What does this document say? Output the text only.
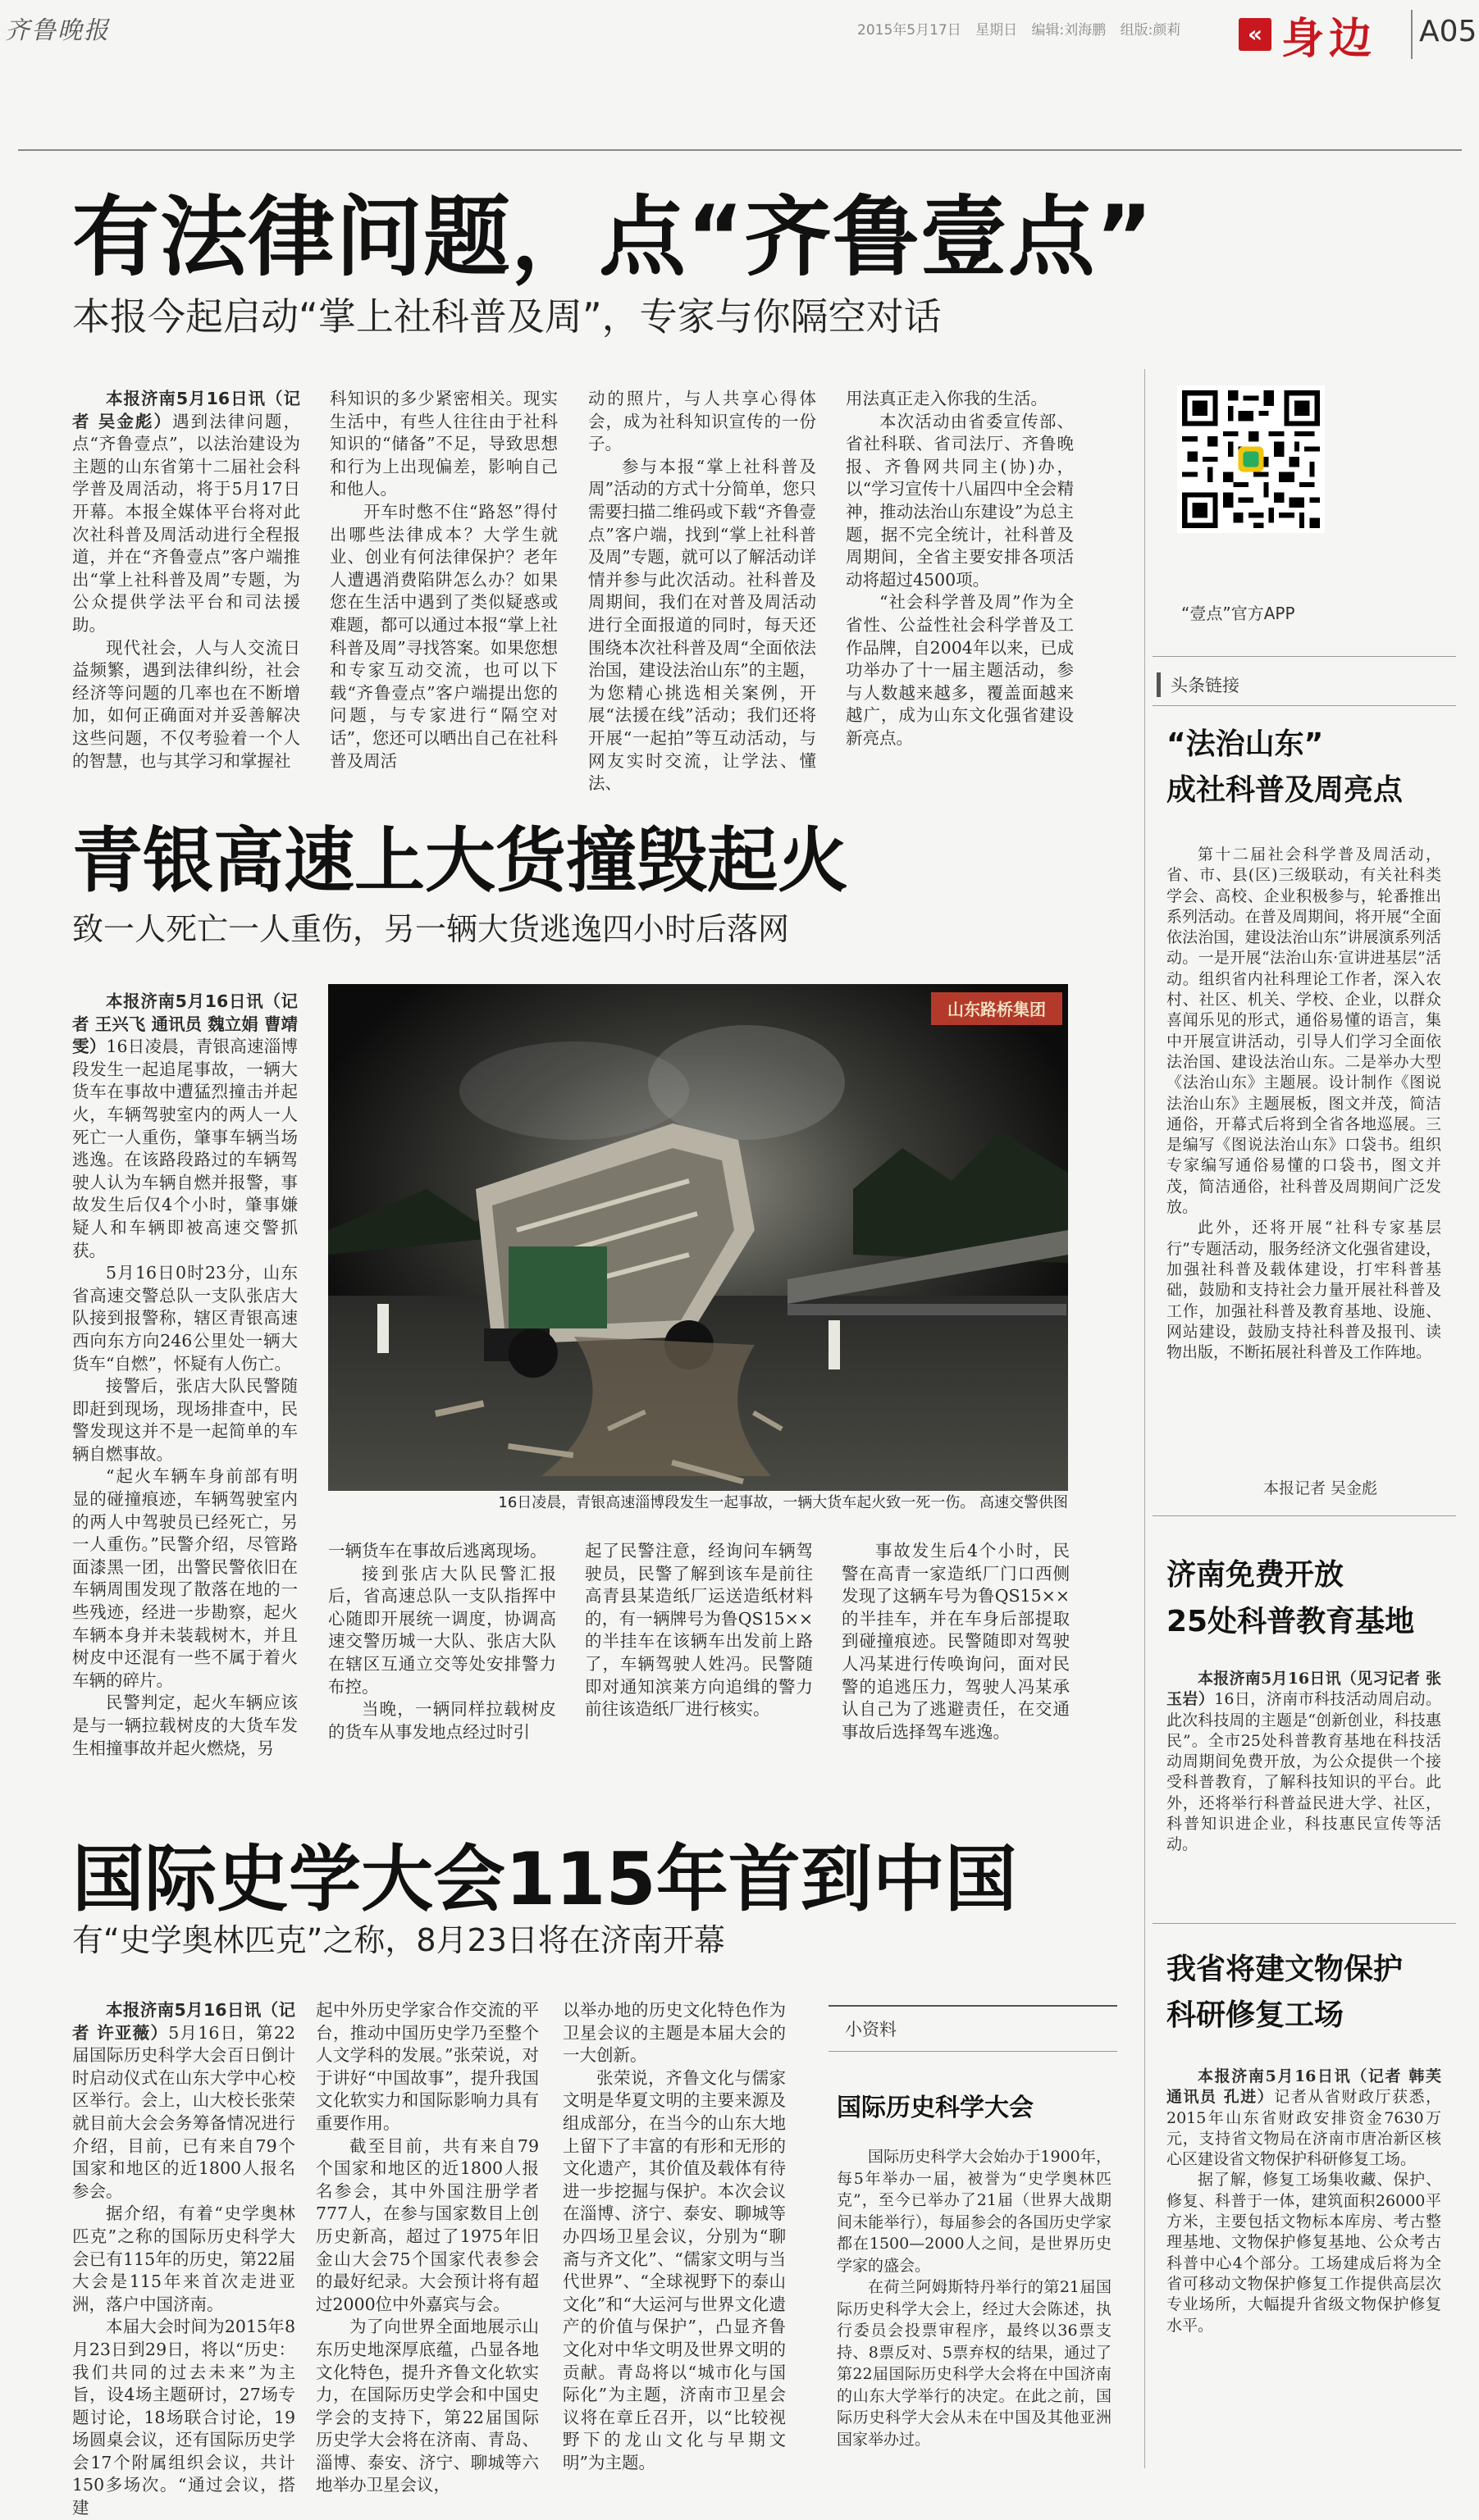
齐鲁晚报	2015年5月17日 星期日 编辑:刘海鹏 组版:颜莉	« 身边 A05
有法律问题，点“齐鲁壹点”
本报今起启动“掌上社科普及周”，专家与你隔空对话

本报济南5月16日讯（记者 吴金彪）遇到法律问题，点“齐鲁壹点”，以法治建设为主题的山东省第十二届社会科学普及周活动，将于5月17日开幕。本报全媒体平台将对此次社科普及周活动进行全程报道，并在“齐鲁壹点”客户端推出“掌上社科普及周”专题，为公众提供学法平台和司法援助。

现代社会，人与人交流日益频繁，遇到法律纠纷，社会经济等问题的几率也在不断增加，如何正确面对并妥善解决这些问题，不仅考验着一个人的智慧，也与其学习和掌握社

科知识的多少紧密相关。现实生活中，有些人往往由于社科知识的“储备”不足，导致思想和行为上出现偏差，影响自己和他人。

开车时憋不住“路怒”得付出哪些法律成本？大学生就业、创业有何法律保护？老年人遭遇消费陷阱怎么办？如果您在生活中遇到了类似疑惑或难题，都可以通过本报“掌上社科普及周”寻找答案。如果您想和专家互动交流，也可以下载“齐鲁壹点”客户端提出您的问题，与专家进行“隔空对话”，您还可以晒出自己在社科普及周活

动的照片，与人共享心得体会，成为社科知识宣传的一份子。

参与本报“掌上社科普及周”活动的方式十分简单，您只需要扫描二维码或下载“齐鲁壹点”客户端，找到“掌上社科普及周”专题，就可以了解活动详情并参与此次活动。社科普及周期间，我们在对普及周活动进行全面报道的同时，每天还围绕本次社科普及周“全面依法治国，建设法治山东”的主题，为您精心挑选相关案例，开展“法援在线”活动；我们还将开展“一起拍”等互动活动，与网友实时交流，让学法、懂法、

用法真正走入你我的生活。

本次活动由省委宣传部、省社科联、省司法厅、齐鲁晚报、齐鲁网共同主(协)办，以“学习宣传十八届四中全会精神，推动法治山东建设”为总主题，据不完全统计，社科普及周期间，全省主要安排各项活动将超过4500项。

“社会科学普及周”作为全省性、公益性社会科学普及工作品牌，自2004年以来，已成功举办了十一届主题活动，参与人数越来越多，覆盖面越来越广，成为山东文化强省建设新亮点。

青银高速上大货撞毁起火
致一人死亡一人重伤，另一辆大货逃逸四小时后落网

本报济南5月16日讯（记者 王兴飞 通讯员 魏立娟 曹靖雯）16日凌晨，青银高速淄博段发生一起追尾事故，一辆大货车在事故中遭猛烈撞击并起火，车辆驾驶室内的两人一人死亡一人重伤，肇事车辆当场逃逸。在该路段路过的车辆驾驶人认为车辆自燃并报警，事故发生后仅4个小时，肇事嫌疑人和车辆即被高速交警抓获。

5月16日0时23分，山东省高速交警总队一支队张店大队接到报警称，辖区青银高速西向东方向246公里处一辆大货车“自燃”，怀疑有人伤亡。

接警后，张店大队民警随即赶到现场，现场排查中，民警发现这并不是一起简单的车辆自燃事故。

“起火车辆车身前部有明显的碰撞痕迹，车辆驾驶室内的两人中驾驶员已经死亡，另一人重伤。”民警介绍，尽管路面漆黑一团，出警民警依旧在车辆周围发现了散落在地的一些残迹，经进一步勘察，起火车辆本身并未装载树木，并且树皮中还混有一些不属于着火车辆的碎片。

民警判定，起火车辆应该是与一辆拉载树皮的大货车发生相撞事故并起火燃烧，另

山东路桥集团
16日凌晨，青银高速淄博段发生一起事故，一辆大货车起火致一死一伤。 高速交警供图

一辆货车在事故后逃离现场。

接到张店大队民警汇报后，省高速总队一支队指挥中心随即开展统一调度，协调高速交警历城一大队、张店大队在辖区互通立交等处安排警力布控。

当晚，一辆同样拉载树皮的货车从事发地点经过时引

起了民警注意，经询问车辆驾驶员，民警了解到该车是前往高青县某造纸厂运送造纸材料的，有一辆牌号为鲁QS15××的半挂车在该辆车出发前上路了，车辆驾驶人姓冯。民警随即对通知滨莱方向追缉的警力前往该造纸厂进行核实。

事故发生后4个小时，民警在高青一家造纸厂门口西侧发现了这辆车号为鲁QS15××的半挂车，并在车身后部提取到碰撞痕迹。民警随即对驾驶人冯某进行传唤询问，面对民警的追逃压力，驾驶人冯某承认自己为了逃避责任，在交通事故后选择驾车逃逸。

国际史学大会115年首到中国
有“史学奥林匹克”之称，8月23日将在济南开幕

本报济南5月16日讯（记者 许亚薇）5月16日，第22届国际历史科学大会百日倒计时启动仪式在山东大学中心校区举行。会上，山大校长张荣就目前大会会务筹备情况进行介绍，目前，已有来自79个国家和地区的近1800人报名参会。

据介绍，有着“史学奥林匹克”之称的国际历史科学大会已有115年的历史，第22届大会是115年来首次走进亚洲，落户中国济南。

本届大会时间为2015年8月23日到29日，将以“历史：我们共同的过去未来”为主旨，设4场主题研讨，27场专题讨论，18场联合讨论，19场圆桌会议，还有国际历史学会17个附属组织会议，共计150多场次。“通过会议，搭建

起中外历史学家合作交流的平台，推动中国历史学乃至整个人文学科的发展。”张荣说，对于讲好“中国故事”，提升我国文化软实力和国际影响力具有重要作用。

截至目前，共有来自79个国家和地区的近1800人报名参会，其中外国注册学者777人，在参与国家数目上创历史新高，超过了1975年旧金山大会75个国家代表参会的最好纪录。大会预计将有超过2000位中外嘉宾与会。

为了向世界全面地展示山东历史地深厚底蕴，凸显各地文化特色，提升齐鲁文化软实力，在国际历史学会和中国史学会的支持下，第22届国际历史学大会将在济南、青岛、淄博、泰安、济宁、聊城等六地举办卫星会议，

以举办地的历史文化特色作为卫星会议的主题是本届大会的一大创新。

张荣说，齐鲁文化与儒家文明是华夏文明的主要来源及组成部分，在当今的山东大地上留下了丰富的有形和无形的文化遗产，其价值及载体有待进一步挖掘与保护。本次会议在淄博、济宁、泰安、聊城等办四场卫星会议，分别为“聊斋与齐文化”、“儒家文明与当代世界”、“全球视野下的泰山文化”和“大运河与世界文化遗产的价值与保护”，凸显齐鲁文化对中华文明及世界文明的贡献。青岛将以“城市化与国际化”为主题，济南市卫星会议将在章丘召开，以“比较视野下的龙山文化与早期文明”为主题。

小资料
国际历史科学大会

国际历史科学大会始办于1900年，每5年举办一届，被誉为“史学奥林匹克”，至今已举办了21届（世界大战期间未能举行），每届参会的各国历史学家都在1500—2000人之间，是世界历史学家的盛会。

在荷兰阿姆斯特丹举行的第21届国际历史科学大会上，经过大会陈述，执行委员会投票审程序，最终以36票支持、8票反对、5票弃权的结果，通过了第22届国际历史科学大会将在中国济南的山东大学举行的决定。在此之前，国际历史科学大会从未在中国及其他亚洲国家举办过。

“壹点”官方APP
头条链接
“法治山东”
成社科普及周亮点

第十二届社会科学普及周活动，省、市、县(区)三级联动，有关社科类学会、高校、企业积极参与，轮番推出系列活动。在普及周期间，将开展“全面依法治国，建设法治山东”讲展演系列活动。一是开展“法治山东·宣讲进基层”活动。组织省内社科理论工作者，深入农村、社区、机关、学校、企业，以群众喜闻乐见的形式，通俗易懂的语言，集中开展宣讲活动，引导人们学习全面依法治国、建设法治山东。二是举办大型《法治山东》主题展。设计制作《图说法治山东》主题展板，图文并茂，简洁通俗，开幕式后将到全省各地巡展。三是编写《图说法治山东》口袋书。组织专家编写通俗易懂的口袋书，图文并茂，简洁通俗，社科普及周期间广泛发放。

此外，还将开展“社科专家基层行”专题活动，服务经济文化强省建设，加强社科普及载体建设，打牢科普基础，鼓励和支持社会力量开展社科普及工作，加强社科普及教育基地、设施、网站建设，鼓励支持社科普及报刊、读物出版，不断拓展社科普及工作阵地。

本报记者 吴金彪
济南免费开放
25处科普教育基地

本报济南5月16日讯（见习记者 张玉岩）16日，济南市科技活动周启动。此次科技周的主题是“创新创业，科技惠民”。全市25处科普教育基地在科技活动周期间免费开放，为公众提供一个接受科普教育，了解科技知识的平台。此外，还将举行科普益民进大学、社区，科普知识进企业，科技惠民宣传等活动。

我省将建文物保护
科研修复工场

本报济南5月16日讯（记者 韩芙 通讯员 孔进）记者从省财政厅获悉，2015年山东省财政安排资金7630万元，支持省文物局在济南市唐冶新区核心区建设省文物保护科研修复工场。

据了解，修复工场集收藏、保护、修复、科普于一体，建筑面积26000平方米，主要包括文物标本库房、考古整理基地、文物保护修复基地、公众考古科普中心4个部分。工场建成后将为全省可移动文物保护修复工作提供高层次专业场所，大幅提升省级文物保护修复水平。
